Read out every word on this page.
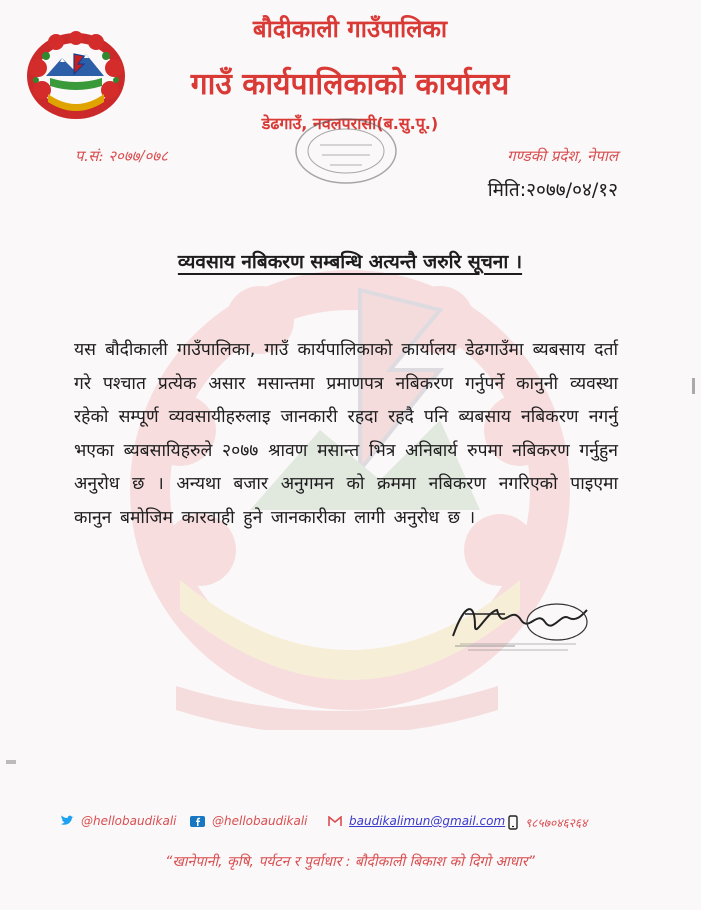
बौदीकाली गाउँपालिका
गाउँ कार्यपालिकाको कार्यालय
डेढगाउँ, नवलपरासी(ब.सु.पू.)
प.सं: २०७७/०७८	गण्डकी प्रदेश, नेपाल
मिति:२०७७/०४/१२
व्यवसाय नबिकरण सम्बन्धि अत्यन्तै जरुरि सूचना ।
यस बौदीकाली गाउँपालिका, गाउँ कार्यपालिकाको कार्यालय डेढगाउँमा ब्यबसाय दर्ता गरे पश्चात प्रत्येक असार मसान्तमा प्रमाणपत्र नबिकरण गर्नुपर्ने कानुनी व्यवस्था रहेको सम्पूर्ण व्यवसायीहरुलाइ जानकारी रहदा रहदै पनि ब्यबसाय नबिकरण नगर्नु भएका ब्यबसायिहरुले २०७७ श्रावण मसान्त भित्र अनिबार्य रुपमा नबिकरण गर्नुहुन अनुरोध छ । अन्यथा बजार अनुगमन को क्रममा नबिकरण नगरिएको पाइएमा कानुन बमोजिम कारवाही हुने जानकारीका लागी अनुरोध छ ।
@hellobaudikali	@hellobaudikali	baudikalimun@gmail.com ९८५७०४६२६४
“खानेपानी, कृषि, पर्यटन र पुर्वाधार : बौदीकाली बिकाश को दिगो आधार”
